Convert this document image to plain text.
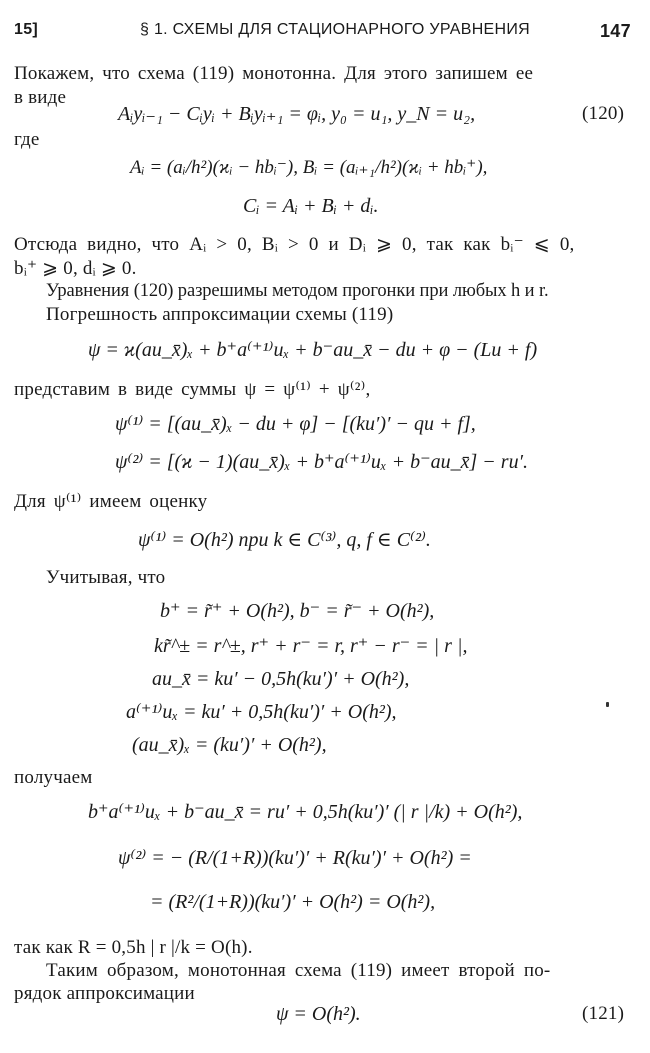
15]	§ 1. СХЕМЫ ДЛЯ СТАЦИОНАРНОГО УРАВНЕНИЯ	147
Покажем, что схема (119) монотонна. Для этого запишем ее
в виде
Aᵢyᵢ₋₁ − Cᵢyᵢ + Bᵢyᵢ₊₁ = φᵢ, y₀ = u₁, y_N = u₂,	(120)
где
Aᵢ = (aᵢ/h²)(ϰᵢ − hbᵢ⁻), Bᵢ = (aᵢ₊₁/h²)(ϰᵢ + hbᵢ⁺),
Cᵢ = Aᵢ + Bᵢ + dᵢ.
Отсюда видно, что Aᵢ > 0, Bᵢ > 0 и Dᵢ ⩾ 0, так как bᵢ⁻ ⩽ 0,
bᵢ⁺ ⩾ 0, dᵢ ⩾ 0.
Уравнения (120) разрешимы методом прогонки при любых h и r.
Погрешность аппроксимации схемы (119)
ψ = ϰ(au_x̄)ₓ + b⁺a⁽⁺¹⁾uₓ + b⁻au_x̄ − du + φ − (Lu + f)
представим в виде суммы ψ = ψ⁽¹⁾ + ψ⁽²⁾,
ψ⁽¹⁾ = [(au_x̄)ₓ − du + φ] − [(ku′)′ − qu + f],
ψ⁽²⁾ = [(ϰ − 1)(au_x̄)ₓ + b⁺a⁽⁺¹⁾uₓ + b⁻au_x̄] − ru′.
Для ψ⁽¹⁾ имеем оценку
ψ⁽¹⁾ = O(h²) при k ∈ C⁽³⁾, q, f ∈ C⁽²⁾.
Учитывая, что
b⁺ = r̃⁺ + O(h²), b⁻ = r̃⁻ + O(h²),
kr̃^± = r^±, r⁺ + r⁻ = r, r⁺ − r⁻ = | r |,
au_x̄ = ku′ − 0,5h(ku′)′ + O(h²),
a⁽⁺¹⁾uₓ = ku′ + 0,5h(ku′)′ + O(h²),
(au_x̄)ₓ = (ku′)′ + O(h²),
получаем
b⁺a⁽⁺¹⁾uₓ + b⁻au_x̄ = ru′ + 0,5h(ku′)′ (| r |/k) + O(h²),
ψ⁽²⁾ = − (R/(1+R))(ku′)′ + R(ku′)′ + O(h²) =
= (R²/(1+R))(ku′)′ + O(h²) = O(h²),
так как R = 0,5h | r |/k = O(h).
Таким образом, монотонная схема (119) имеет второй по-
рядок аппроксимации
ψ = O(h²).	(121)
